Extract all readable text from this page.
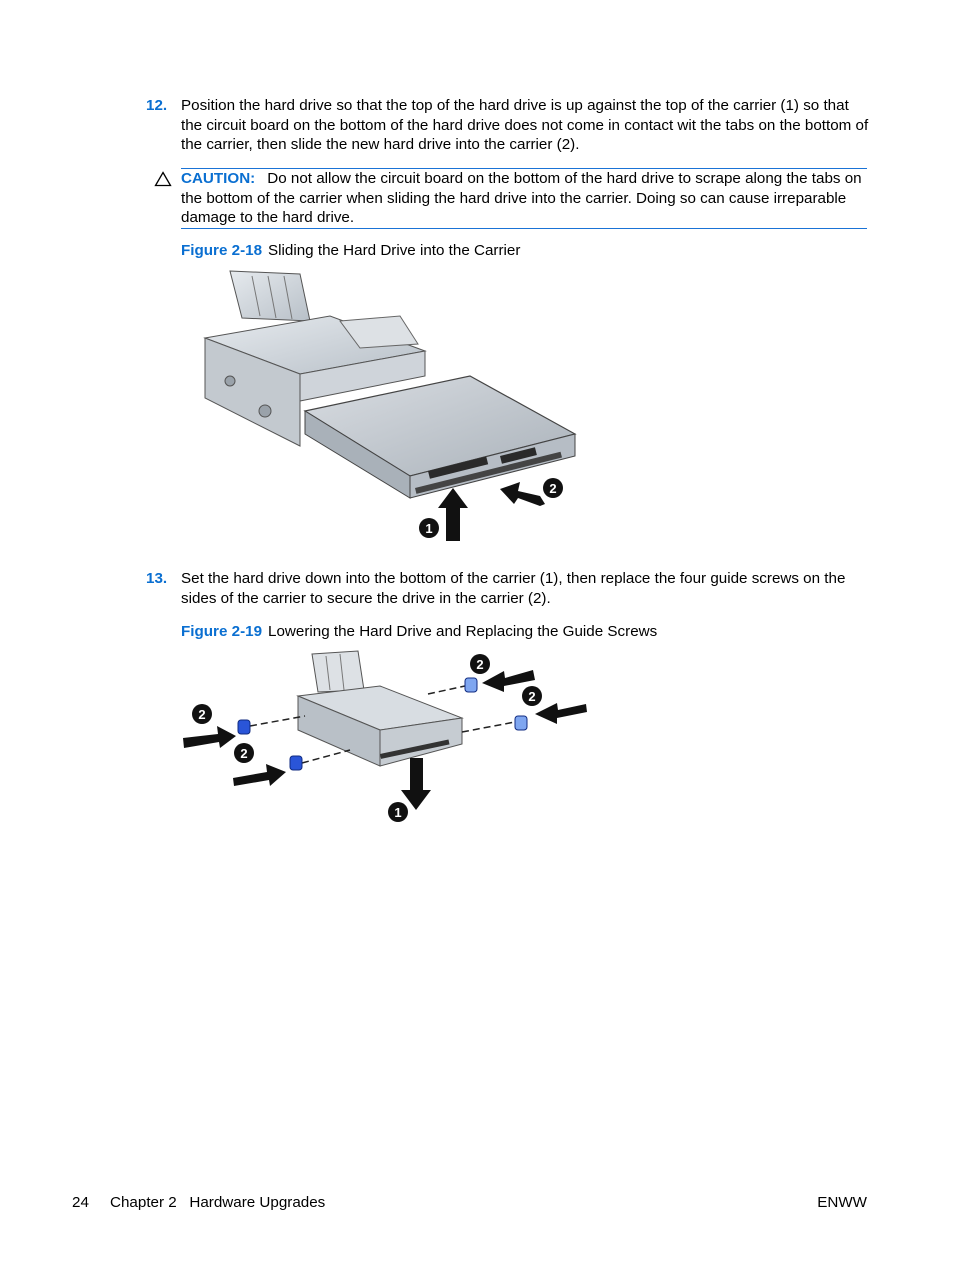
12. Position the hard drive so that the top of the hard drive is up against the top of the carrier (1) so that the circuit board on the bottom of the hard drive does not come in contact wit the tabs on the bottom of the carrier, then slide the new hard drive into the carrier (2).
CAUTION: Do not allow the circuit board on the bottom of the hard drive to scrape along the tabs on the bottom of the carrier when sliding the hard drive into the carrier. Doing so can cause irreparable damage to the hard drive.
Figure 2-18 Sliding the Hard Drive into the Carrier
1
2
13. Set the hard drive down into the bottom of the carrier (1), then replace the four guide screws on the sides of the carrier to secure the drive in the carrier (2).
Figure 2-19 Lowering the Hard Drive and Replacing the Guide Screws
2
2
2
2
1
24 Chapter 2   Hardware Upgrades	ENWW
